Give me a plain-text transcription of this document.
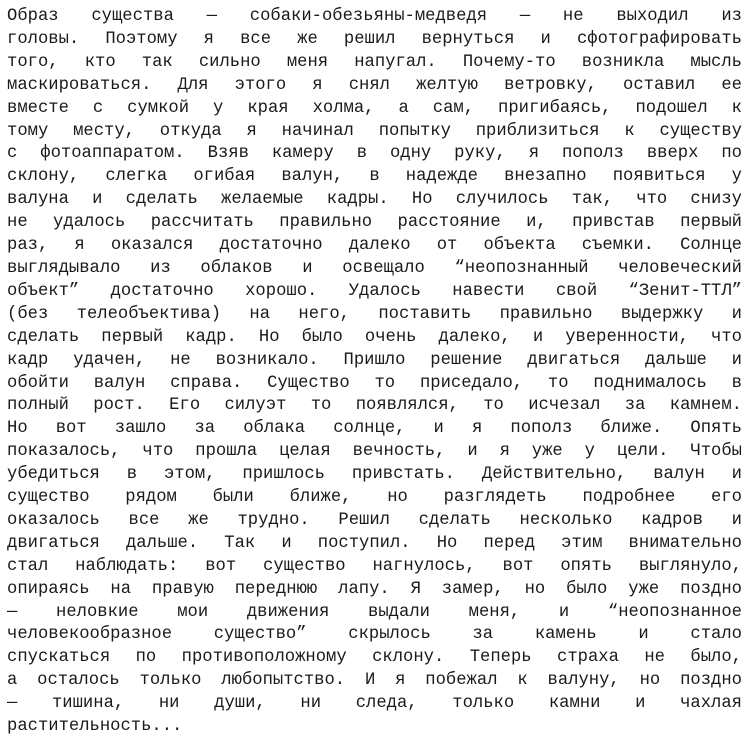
Образ существа — собаки-обезьяны-медведя — не выходил из
головы. Поэтому я все же решил вернуться и сфотографировать
того, кто так сильно меня напугал. Почему-то возникла мысль
маскироваться. Для этого я снял желтую ветровку, оставил ее
вместе с сумкой у края холма, а сам, пригибаясь, подошел к
тому месту, откуда я начинал попытку приблизиться к существу
с фотоаппаратом. Взяв камеру в одну руку, я пополз вверх по
склону, слегка огибая валун, в надежде внезапно появиться у
валуна и сделать желаемые кадры. Но случилось так, что снизу
не удалось рассчитать правильно расстояние и, привстав первый
раз, я оказался достаточно далеко от объекта съемки. Солнце
выглядывало из облаков и освещало “неопознанный человеческий
объект” достаточно хорошо. Удалось навести свой “Зенит-ТТЛ”
(без телеобъектива) на него, поставить правильно выдержку и
сделать первый кадр. Но было очень далеко, и уверенности, что
кадр удачен, не возникало. Пришло решение двигаться дальше и
обойти валун справа. Существо то приседало, то поднималось в
полный рост. Его силуэт то появлялся, то исчезал за камнем.
Но вот зашло за облака солнце, и я пополз ближе. Опять
показалось, что прошла целая вечность, и я уже у цели. Чтобы
убедиться в этом, пришлось привстать. Действительно, валун и
существо рядом были ближе, но разглядеть подробнее его
оказалось все же трудно. Решил сделать несколько кадров и
двигаться дальше. Так и поступил. Но перед этим внимательно
стал наблюдать: вот существо нагнулось, вот опять выглянуло,
опираясь на правую переднюю лапу. Я замер, но было уже поздно
— неловкие мои движения выдали меня, и “неопознанное
человекообразное существо” скрылось за камень и стало
спускаться по противоположному склону. Теперь страха не было,
а осталось только любопытство. И я побежал к валуну, но поздно
— тишина, ни души, ни следа, только камни и чахлая
растительность...
